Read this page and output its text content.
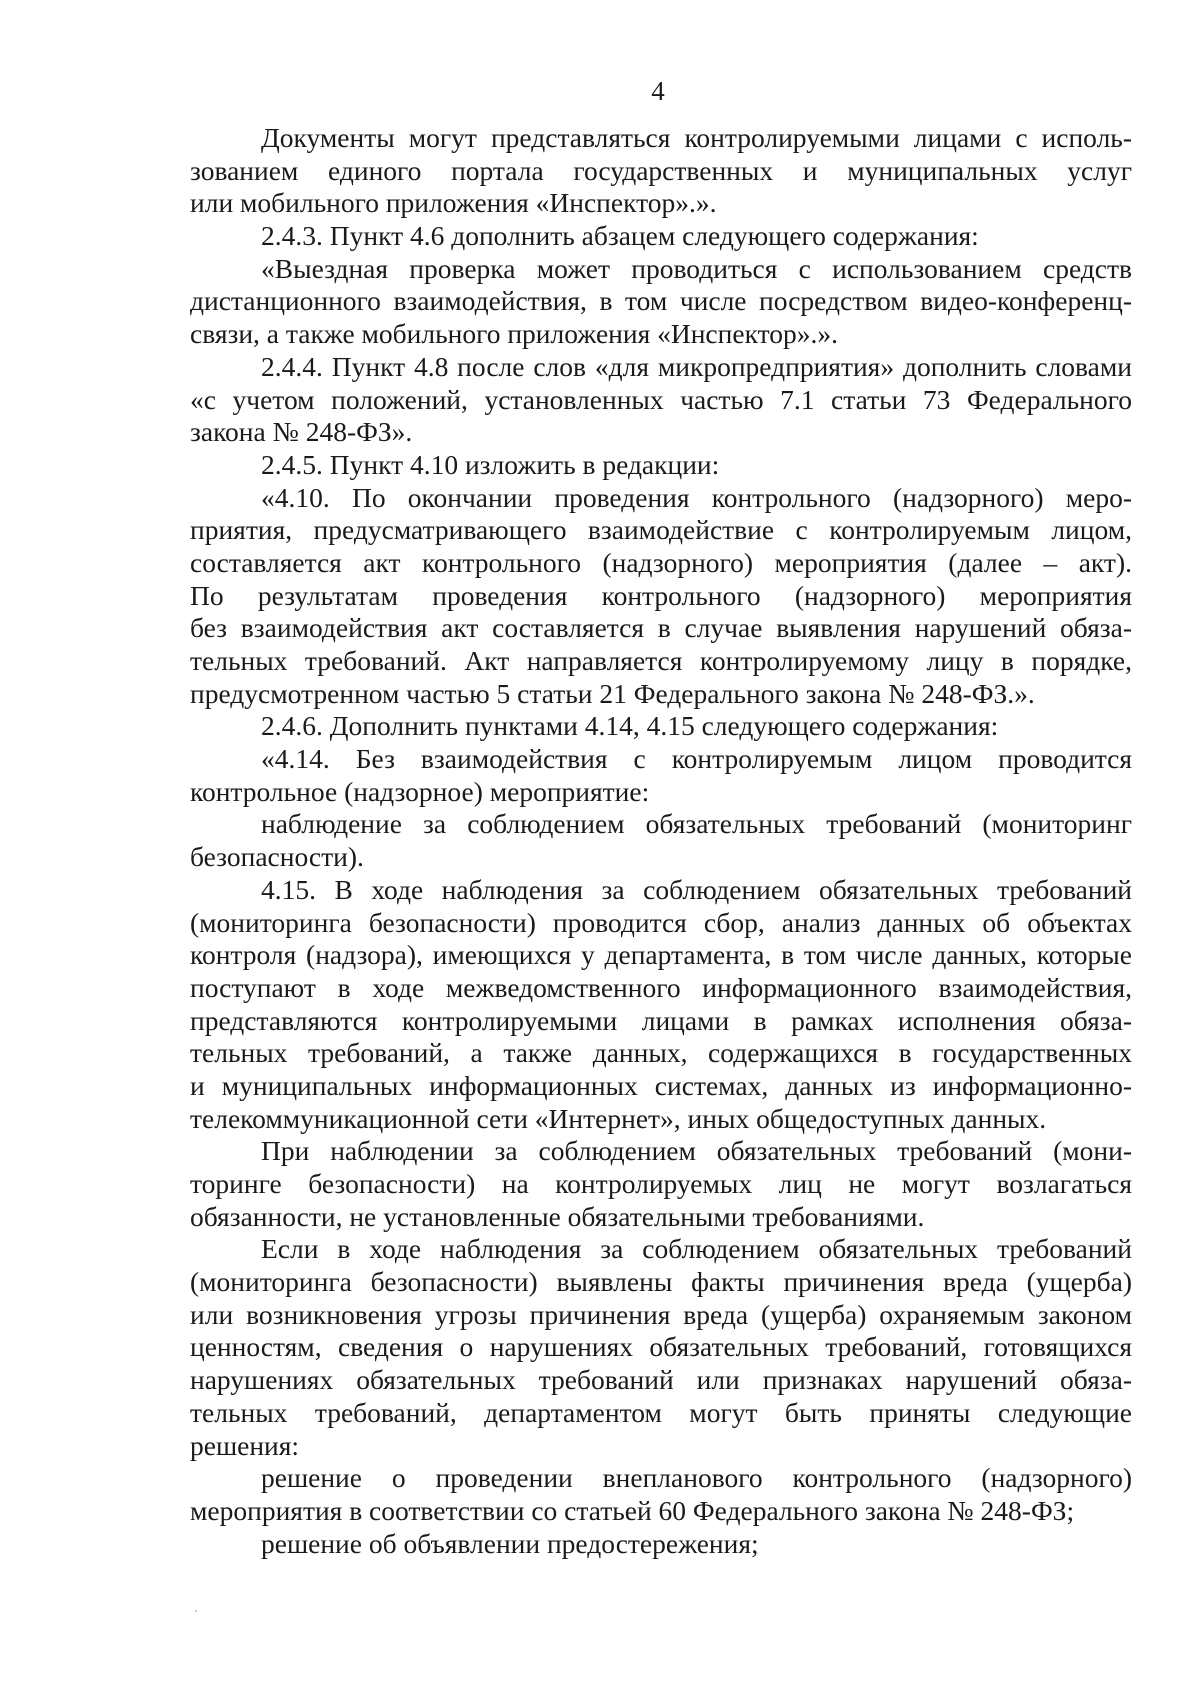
4
Документы могут представляться контролируемыми лицами с исполь-
зованием единого портала государственных и муниципальных услуг
или мобильного приложения «Инспектор».».
2.4.3. Пункт 4.6 дополнить абзацем следующего содержания:
«Выездная проверка может проводиться с использованием средств
дистанционного взаимодействия, в том числе посредством видео-конференц-
связи, а также мобильного приложения «Инспектор».».
2.4.4. Пункт 4.8 после слов «для микропредприятия» дополнить словами
«с учетом положений, установленных частью 7.1 статьи 73 Федерального
закона № 248-ФЗ».
2.4.5. Пункт 4.10 изложить в редакции:
«4.10. По окончании проведения контрольного (надзорного) меро-
приятия, предусматривающего взаимодействие с контролируемым лицом,
составляется акт контрольного (надзорного) мероприятия (далее – акт).
По результатам проведения контрольного (надзорного) мероприятия
без взаимодействия акт составляется в случае выявления нарушений обяза-
тельных требований. Акт направляется контролируемому лицу в порядке,
предусмотренном частью 5 статьи 21 Федерального закона № 248-ФЗ.».
2.4.6. Дополнить пунктами 4.14, 4.15 следующего содержания:
«4.14. Без взаимодействия с контролируемым лицом проводится
контрольное (надзорное) мероприятие:
наблюдение за соблюдением обязательных требований (мониторинг
безопасности).
4.15. В ходе наблюдения за соблюдением обязательных требований
(мониторинга безопасности) проводится сбор, анализ данных об объектах
контроля (надзора), имеющихся у департамента, в том числе данных, которые
поступают в ходе межведомственного информационного взаимодействия,
представляются контролируемыми лицами в рамках исполнения обяза-
тельных требований, а также данных, содержащихся в государственных
и муниципальных информационных системах, данных из информационно-
телекоммуникационной сети «Интернет», иных общедоступных данных.
При наблюдении за соблюдением обязательных требований (мони-
торинге безопасности) на контролируемых лиц не могут возлагаться
обязанности, не установленные обязательными требованиями.
Если в ходе наблюдения за соблюдением обязательных требований
(мониторинга безопасности) выявлены факты причинения вреда (ущерба)
или возникновения угрозы причинения вреда (ущерба) охраняемым законом
ценностям, сведения о нарушениях обязательных требований, готовящихся
нарушениях обязательных требований или признаках нарушений обяза-
тельных требований, департаментом могут быть приняты следующие
решения:
решение о проведении внепланового контрольного (надзорного)
мероприятия в соответствии со статьей 60 Федерального закона № 248-ФЗ;
решение об объявлении предостережения;
